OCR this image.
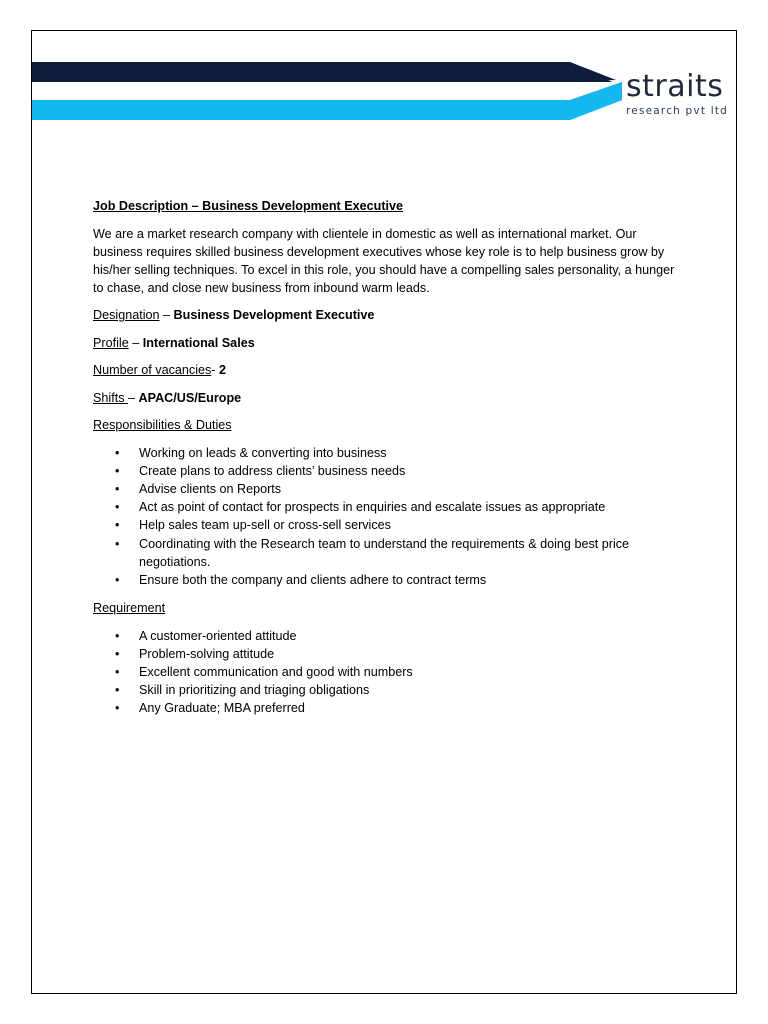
straits
research pvt ltd

Job Description – Business Development Executive

We are a market research company with clientele in domestic as well as international market. Our business requires skilled business development executives whose key role is to help business grow by his/her selling techniques. To excel in this role, you should have a compelling sales personality, a hunger to chase, and close new business from inbound warm leads.

Designation – Business Development Executive

Profile – International Sales

Number of vacancies- 2

Shifts – APAC/US/Europe

Responsibilities & Duties

• Working on leads & converting into business
• Create plans to address clients’ business needs
• Advise clients on Reports
• Act as point of contact for prospects in enquiries and escalate issues as appropriate
• Help sales team up-sell or cross-sell services
• Coordinating with the Research team to understand the requirements & doing best price negotiations.
• Ensure both the company and clients adhere to contract terms

Requirement

• A customer-oriented attitude
• Problem-solving attitude
• Excellent communication and good with numbers
• Skill in prioritizing and triaging obligations
• Any Graduate; MBA preferred
